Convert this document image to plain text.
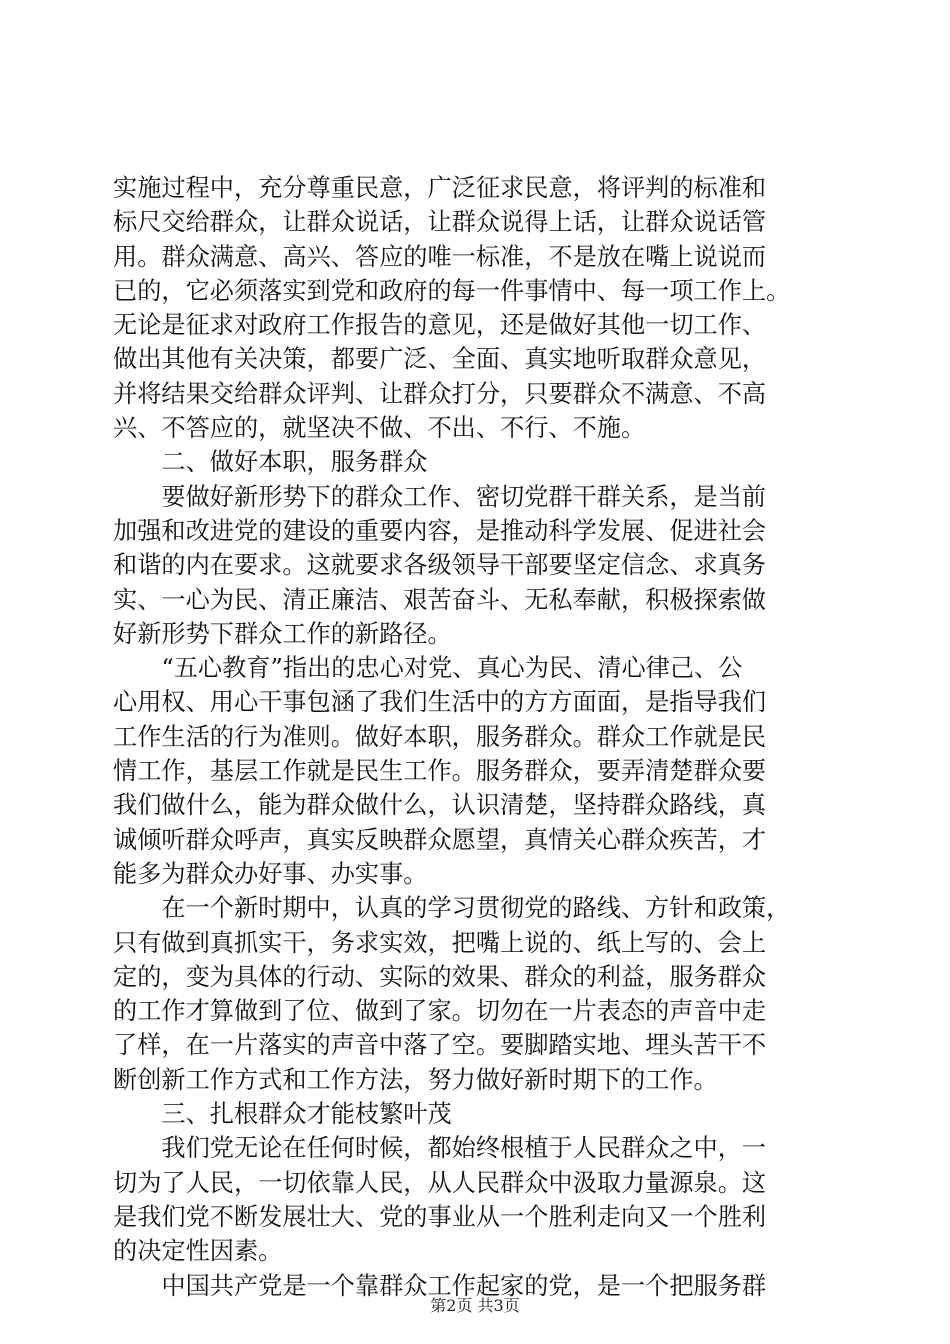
实施过程中，充分尊重民意，广泛征求民意，将评判的标准和
标尺交给群众，让群众说话，让群众说得上话，让群众说话管
用。群众满意、高兴、答应的唯一标准，不是放在嘴上说说而
已的，它必须落实到党和政府的每一件事情中、每一项工作上。
无论是征求对政府工作报告的意见，还是做好其他一切工作、
做出其他有关决策，都要广泛、全面、真实地听取群众意见，
并将结果交给群众评判、让群众打分，只要群众不满意、不高
兴、不答应的，就坚决不做、不出、不行、不施。
　　二、做好本职，服务群众
　　要做好新形势下的群众工作、密切党群干群关系，是当前
加强和改进党的建设的重要内容，是推动科学发展、促进社会
和谐的内在要求。这就要求各级领导干部要坚定信念、求真务
实、一心为民、清正廉洁、艰苦奋斗、无私奉献，积极探索做
好新形势下群众工作的新路径。
　　“五心教育”指出的忠心对党、真心为民、清心律己、公
心用权、用心干事包涵了我们生活中的方方面面，是指导我们
工作生活的行为准则。做好本职，服务群众。群众工作就是民
情工作，基层工作就是民生工作。服务群众，要弄清楚群众要
我们做什么，能为群众做什么，认识清楚，坚持群众路线，真
诚倾听群众呼声，真实反映群众愿望，真情关心群众疾苦，才
能多为群众办好事、办实事。
　　在一个新时期中，认真的学习贯彻党的路线、方针和政策，
只有做到真抓实干，务求实效，把嘴上说的、纸上写的、会上
定的，变为具体的行动、实际的效果、群众的利益，服务群众
的工作才算做到了位、做到了家。切勿在一片表态的声音中走
了样，在一片落实的声音中落了空。要脚踏实地、埋头苦干不
断创新工作方式和工作方法，努力做好新时期下的工作。
　　三、扎根群众才能枝繁叶茂
　　我们党无论在任何时候，都始终根植于人民群众之中，一
切为了人民，一切依靠人民，从人民群众中汲取力量源泉。这
是我们党不断发展壮大、党的事业从一个胜利走向又一个胜利
的决定性因素。
　　中国共产党是一个靠群众工作起家的党，是一个把服务群
第2页 共3页
